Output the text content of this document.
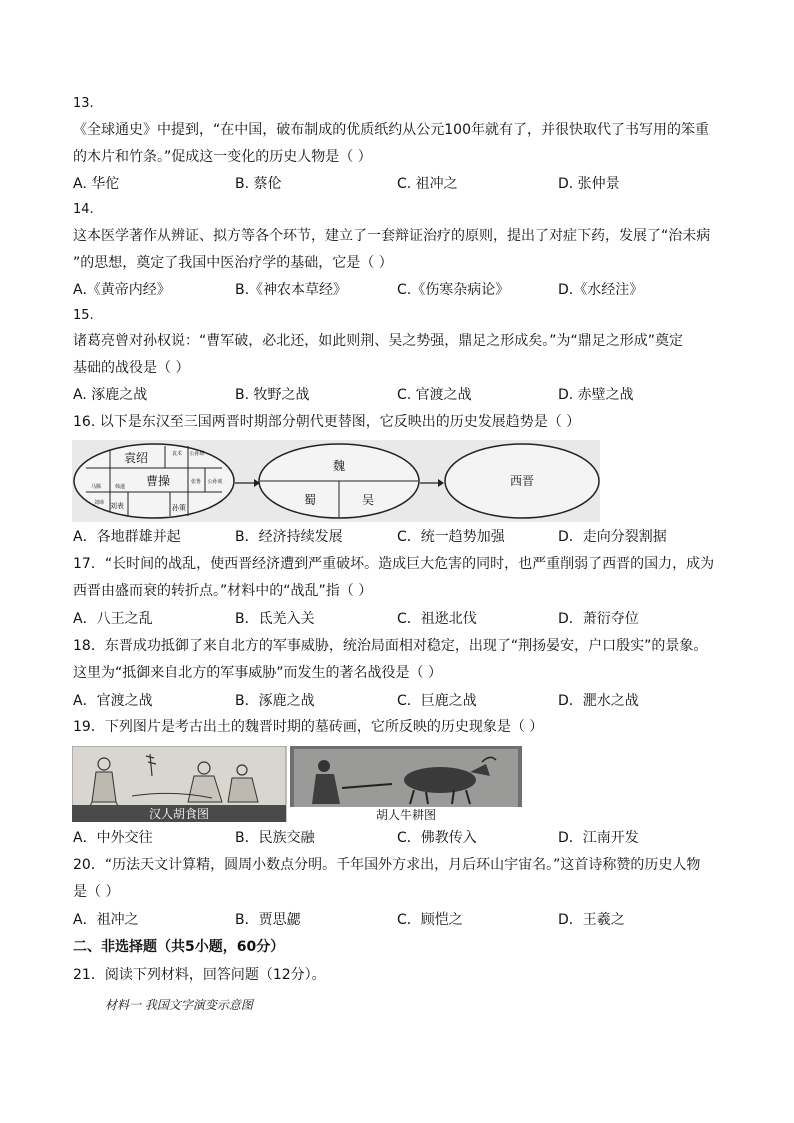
13.
《全球通史》中提到，“在中国，破布制成的优质纸约从公元100年就有了，并很快取代了书写用的笨重
的木片和竹条。”促成这一变化的历史人物是（ ）
A. 华佗	B. 蔡伦	C. 祖冲之	D. 张仲景
14.
这本医学著作从辨证、拟方等各个环节，建立了一套辩证治疗的原则，提出了对症下药，发展了“治未病
”的思想，奠定了我国中医治疗学的基础，它是（ ）
A.《黄帝内经》	B.《神农本草经》	C.《伤寒杂病论》	D.《水经注》
15.
诸葛亮曾对孙权说：“曹军破，必北还，如此则荆、吴之势强，鼎足之形成矣。”为“鼎足之形成”奠定
基础的战役是（ ）
A. 涿鹿之战	B. 牧野之战	C. 官渡之战	D. 赤壁之战
16. 以下是东汉至三国两晋时期部分朝代更替图，它反映出的历史发展趋势是（ ）
袁绍
曹操
刘表	孙策
公孙瓒
袁术
马腾	韩遂
刘璋
张鲁 公孙度
魏
蜀	吴
西晋
A．各地群雄并起	B．经济持续发展	C．统一趋势加强	D．走向分裂割据
17．“长时间的战乱，使西晋经济遭到严重破坏。造成巨大危害的同时，也严重削弱了西晋的国力，成为
西晋由盛而衰的转折点。”材料中的“战乱”指（ ）
A．八王之乱	B．氐羌入关	C．祖逖北伐	D．萧衍夺位
18．东晋成功抵御了来自北方的军事威胁，统治局面相对稳定，出现了“荆扬晏安，户口殷实”的景象。
这里为“抵御来自北方的军事威胁”而发生的著名战役是（ ）
A．官渡之战	B．涿鹿之战	C．巨鹿之战	D．淝水之战
19．下列图片是考古出土的魏晋时期的墓砖画，它所反映的历史现象是（ ）
汉人胡食图	胡人牛耕图
A．中外交往	B．民族交融	C．佛教传入	D．江南开发
20．“历法天文计算精，圆周小数点分明。千年国外方求出，月后环山宇宙名。”这首诗称赞的历史人物
是（ ）
A．祖冲之	B．贾思勰	C．顾恺之	D．王羲之
二、非选择题（共5小题，60分）
21．阅读下列材料，回答问题（12分）。
材料一 我国文字演变示意图
